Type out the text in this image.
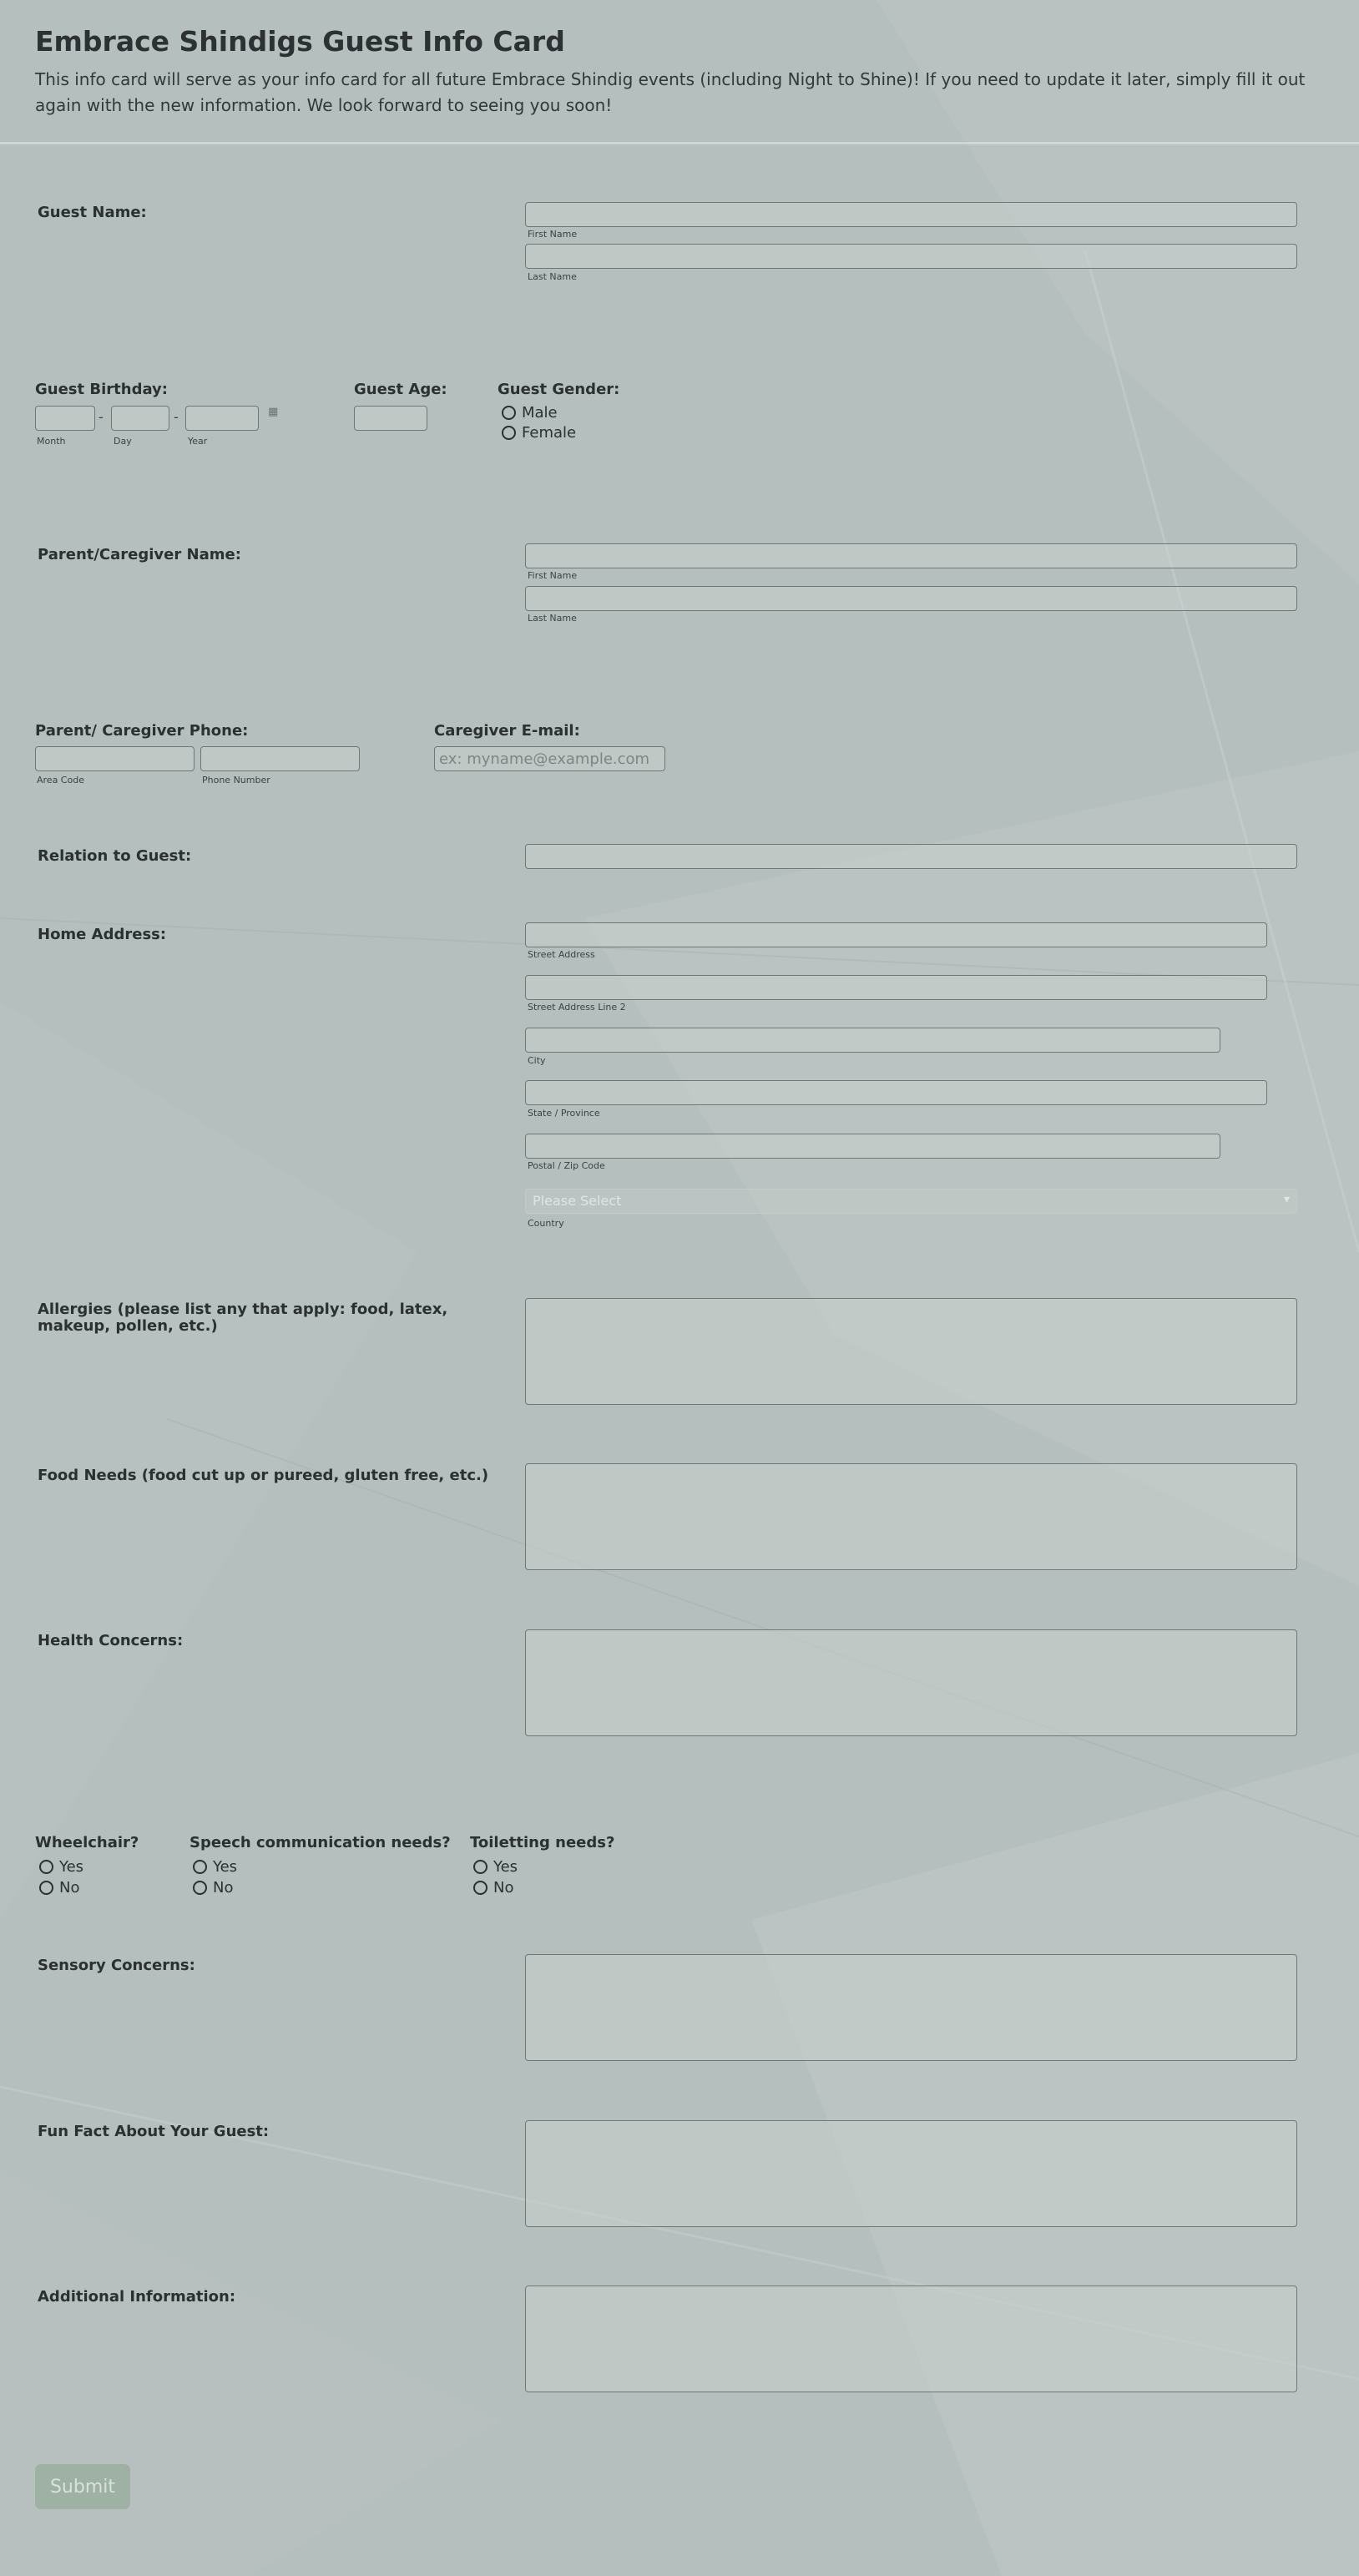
Embrace Shindigs Guest Info Card

This info card will serve as your info card for all future Embrace Shindig events (including Night to Shine)! If you need to update it later, simply fill it out again with the new information. We look forward to seeing you soon!

Guest Name:
First Name
Last Name
Guest Birthday:
-	-	▦
Month	Day	Year
Guest Age:	Guest Gender:
Male
Female
Parent/Caregiver Name:
First Name
Last Name
Parent/ Caregiver Phone:
Area Code	Phone Number
Caregiver E-mail:
ex: myname@example.com
Relation to Guest:
Home Address:
Street Address
Street Address Line 2
City
State / Province
Postal / Zip Code
Please Select	▾
Country
Allergies (please list any that apply: food, latex, makeup, pollen, etc.)
Food Needs (food cut up or pureed, gluten free, etc.)
Health Concerns:
Wheelchair?
Yes
No
Speech communication needs?
Yes
No
Toiletting needs?
Yes
No
Sensory Concerns:
Fun Fact About Your Guest:
Additional Information:
Submit
